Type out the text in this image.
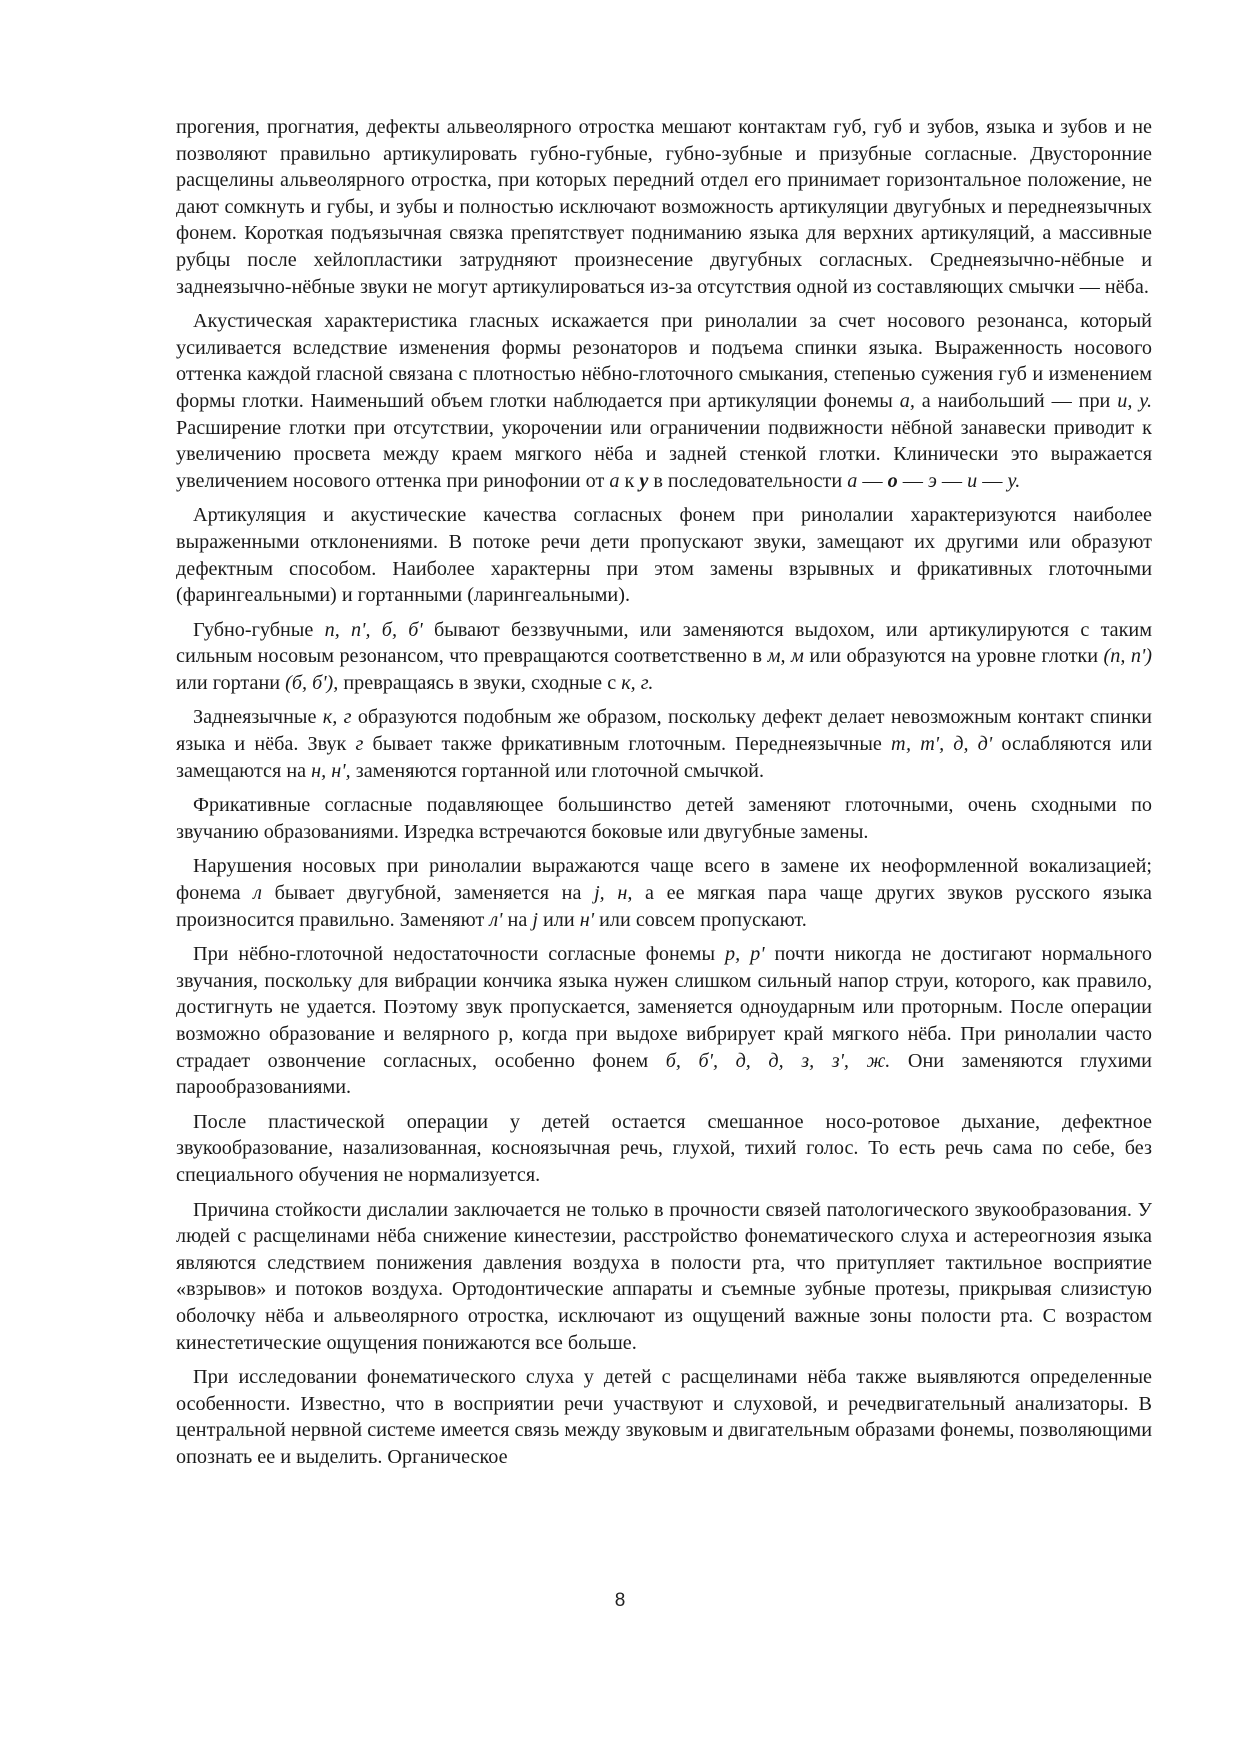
прогения, прогнатия, дефекты альвеолярного отростка мешают контактам губ, губ и зубов, языка и зубов и не позволяют правильно артикулировать губно-губные, губно-зубные и призубные согласные. Двусторонние расщелины альвеолярного отростка, при которых передний отдел его принимает горизонтальное положение, не дают сомкнуть и губы, и зубы и полностью исключают возможность артикуляции двугубных и переднеязычных фонем. Короткая подъязычная связка препятствует подниманию языка для верхних артикуляций, а массивные рубцы после хейлопластики затрудняют произнесение двугубных согласных. Среднеязычно-нёбные и заднеязычно-нёбные звуки не могут артикулироваться из-за отсутствия одной из составляющих смычки — нёба.

Акустическая характеристика гласных искажается при ринолалии за счет носового резонанса, который усиливается вследствие изменения формы резонаторов и подъема спинки языка. Выраженность носового оттенка каждой гласной связана с плотностью нёбно-глоточного смыкания, степенью сужения губ и изменением формы глотки. Наименьший объем глотки наблюдается при артикуляции фонемы а, а наибольший — при и, у. Расширение глотки при отсутствии, укорочении или ограничении подвижности нёбной занавески приводит к увеличению просвета между краем мягкого нёба и задней стенкой глотки. Клинически это выражается увеличением носового оттенка при ринофонии от а к у в последовательности а — о — э — и — у.

Артикуляция и акустические качества согласных фонем при ринолалии характеризуются наиболее выраженными отклонениями. В потоке речи дети пропускают звуки, замещают их другими или образуют дефектным способом. Наиболее характерны при этом замены взрывных и фрикативных глоточными (фарингеальными) и гортанными (ларингеальными).

Губно-губные п, п', б, б' бывают беззвучными, или заменяются выдохом, или артикулируются с таким сильным носовым резонансом, что превращаются соответственно в м, м или образуются на уровне глотки (п, п') или гортани (б, б'), превращаясь в звуки, сходные с к, г.

Заднеязычные к, г образуются подобным же образом, поскольку дефект делает невозможным контакт спинки языка и нёба. Звук г бывает также фрикативным глоточным. Переднеязычные т, т', д, д' ослабляются или замещаются на н, н', заменяются гортанной или глоточной смычкой.

Фрикативные согласные подавляющее большинство детей заменяют глоточными, очень сходными по звучанию образованиями. Изредка встречаются боковые или двугубные замены.

Нарушения носовых при ринолалии выражаются чаще всего в замене их неоформленной вокализацией; фонема л бывает двугубной, заменяется на j, н, а ее мягкая пара чаще других звуков русского языка произносится правильно. Заменяют л' на j или н' или совсем пропускают.

При нёбно-глоточной недостаточности согласные фонемы р, р' почти никогда не достигают нормального звучания, поскольку для вибрации кончика языка нужен слишком сильный напор струи, которого, как правило, достигнуть не удается. Поэтому звук пропускается, заменяется одноударным или проторным. После операции возможно образование и велярного р, когда при выдохе вибрирует край мягкого нёба. При ринолалии часто страдает озвончение согласных, особенно фонем б, б', д, д, з, з', ж. Они заменяются глухими парообразованиями.

После пластической операции у детей остается смешанное носо-ротовое дыхание, дефектное звукообразование, назализованная, косноязычная речь, глухой, тихий голос. То есть речь сама по себе, без специального обучения не нормализуется.

Причина стойкости дислалии заключается не только в прочности связей патологического звукообразования. У людей с расщелинами нёба снижение кинестезии, расстройство фонематического слуха и астереогнозия языка являются следствием понижения давления воздуха в полости рта, что притупляет тактильное восприятие «взрывов» и потоков воздуха. Ортодонтические аппараты и съемные зубные протезы, прикрывая слизистую оболочку нёба и альвеолярного отростка, исключают из ощущений важные зоны полости рта. С возрастом кинестетические ощущения понижаются все больше.

При исследовании фонематического слуха у детей с расщелинами нёба также выявляются определенные особенности. Известно, что в восприятии речи участвуют и слуховой, и речедвигательный анализаторы. В центральной нервной системе имеется связь между звуковым и двигательным образами фонемы, позволяющими опознать ее и выделить. Органическое

8
